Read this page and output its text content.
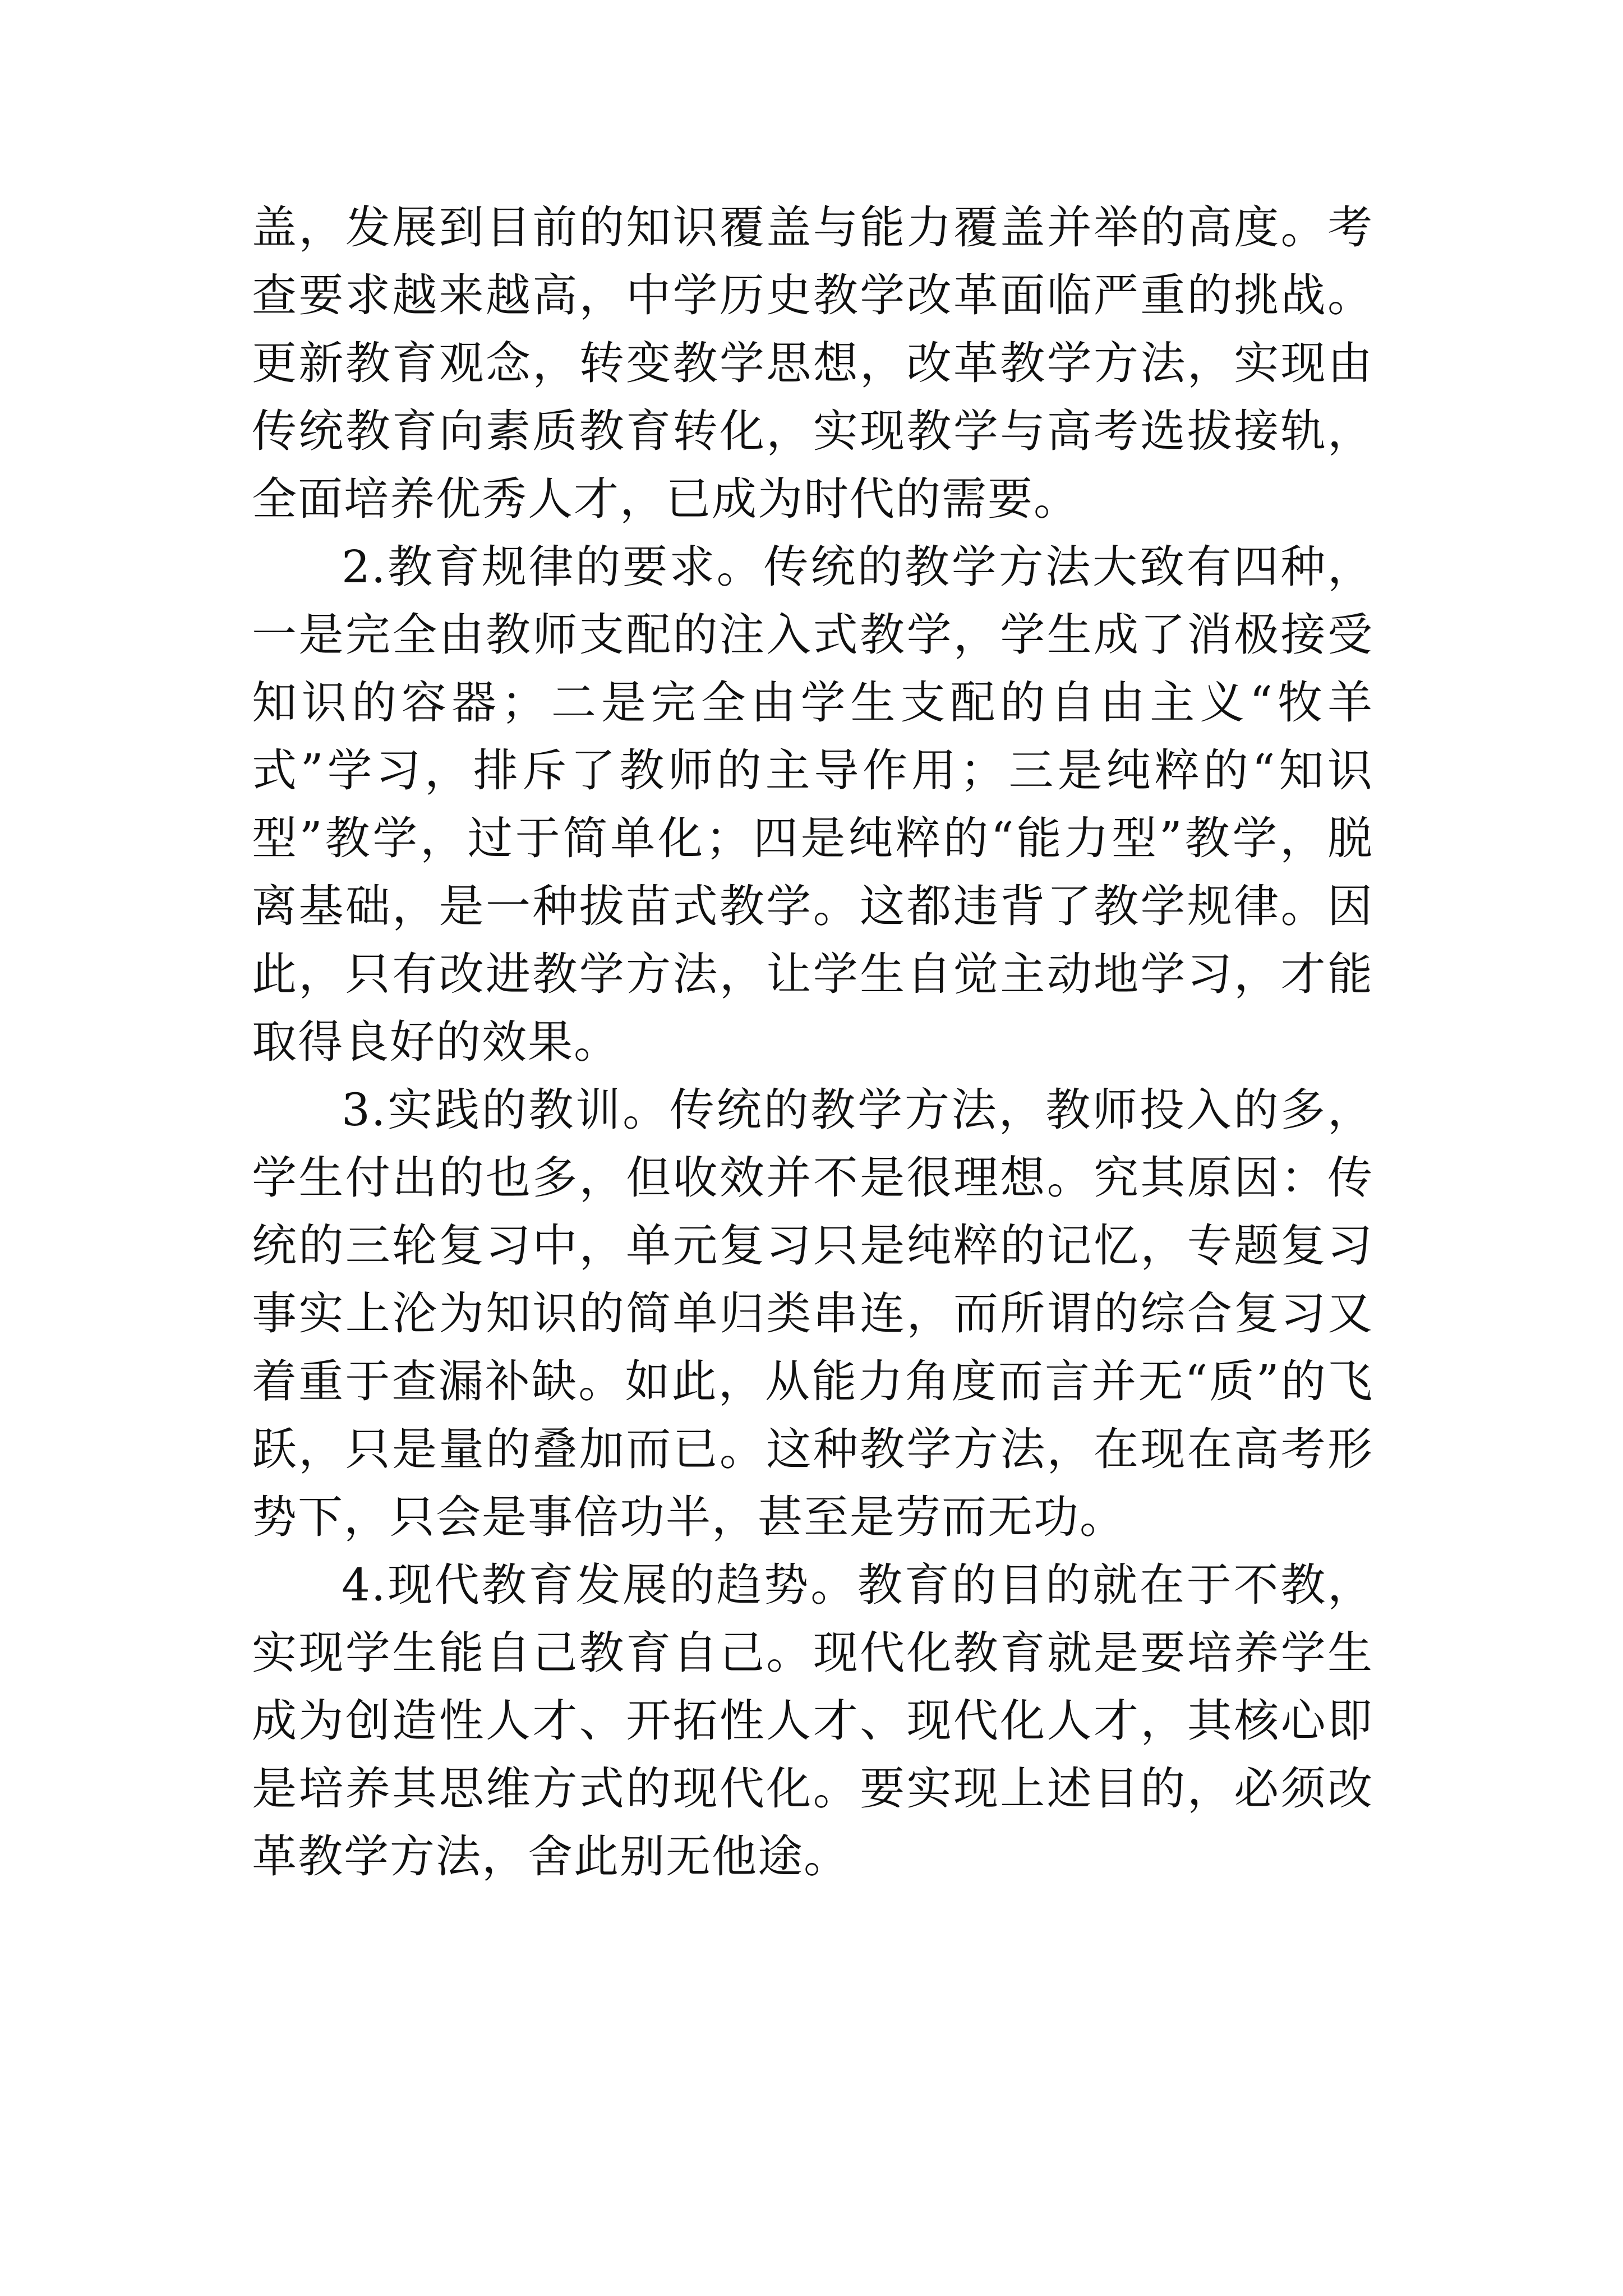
盖，发展到目前的知识覆盖与能力覆盖并举的高度。考查要求越来越高，中学历史教学改革面临严重的挑战。更新教育观念，转变教学思想，改革教学方法，实现由传统教育向素质教育转化，实现教学与高考选拔接轨，全面培养优秀人才，已成为时代的需要。

2.教育规律的要求。传统的教学方法大致有四种，一是完全由教师支配的注入式教学，学生成了消极接受知识的容器；二是完全由学生支配的自由主义“牧羊式”学习，排斥了教师的主导作用；三是纯粹的“知识型”教学，过于简单化；四是纯粹的“能力型”教学，脱离基础，是一种拔苗式教学。这都违背了教学规律。因此，只有改进教学方法，让学生自觉主动地学习，才能取得良好的效果。

3.实践的教训。传统的教学方法，教师投入的多，学生付出的也多，但收效并不是很理想。究其原因：传统的三轮复习中，单元复习只是纯粹的记忆，专题复习事实上沦为知识的简单归类串连，而所谓的综合复习又着重于查漏补缺。如此，从能力角度而言并无“质”的飞跃，只是量的叠加而已。这种教学方法，在现在高考形势下，只会是事倍功半，甚至是劳而无功。

4.现代教育发展的趋势。教育的目的就在于不教，实现学生能自己教育自己。现代化教育就是要培养学生成为创造性人才、开拓性人才、现代化人才，其核心即是培养其思维方式的现代化。要实现上述目的，必须改革教学方法，舍此别无他途。
